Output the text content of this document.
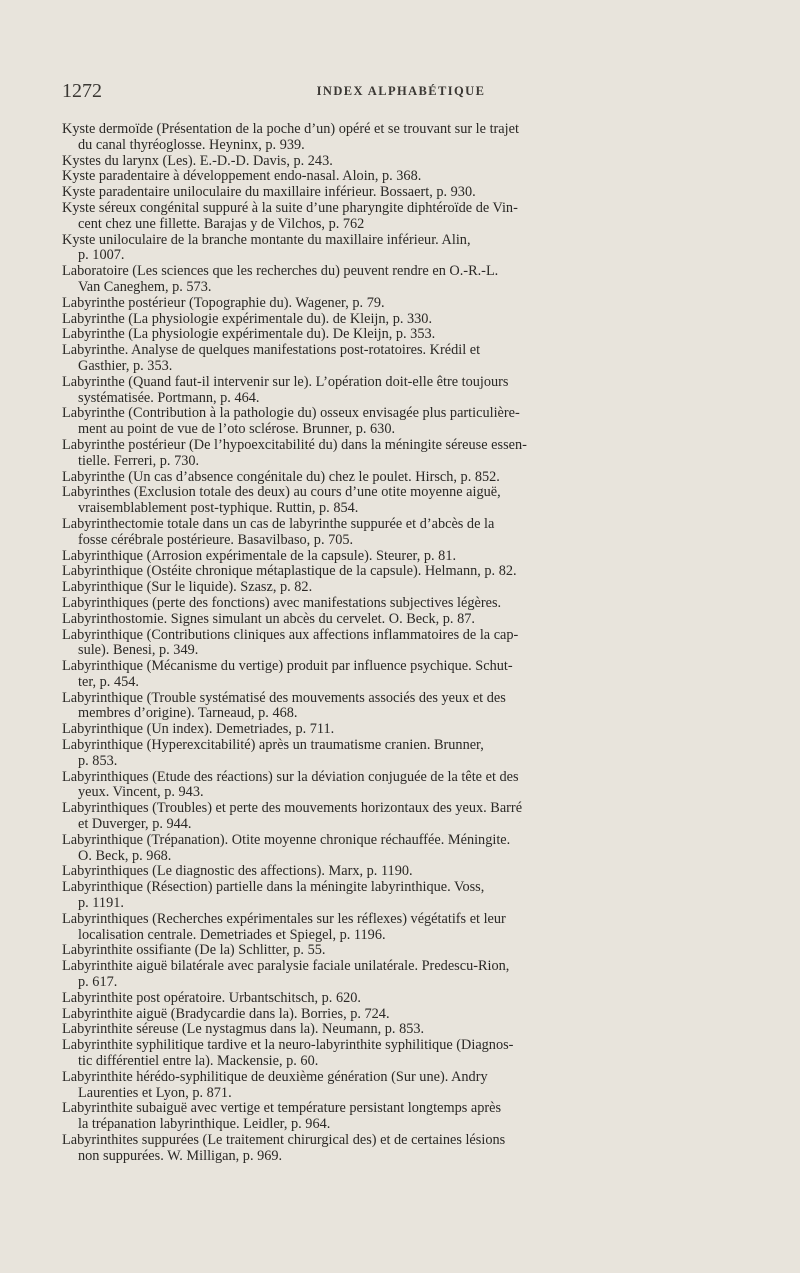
1272	INDEX ALPHABÉTIQUE
Kyste dermoïde (Présentation de la poche d’un) opéré et se trouvant sur le trajet
du canal thyréoglosse. Heyninx, p. 939.
Kystes du larynx (Les). E.-D.-D. Davis, p. 243.
Kyste paradentaire à développement endo-nasal. Aloin, p. 368.
Kyste paradentaire uniloculaire du maxillaire inférieur. Bossaert, p. 930.
Kyste séreux congénital suppuré à la suite d’une pharyngite diphtéroïde de Vin-
cent chez une fillette. Barajas y de Vilchos, p. 762
Kyste uniloculaire de la branche montante du maxillaire inférieur. Alin,
p. 1007.
Laboratoire (Les sciences que les recherches du) peuvent rendre en O.-R.-L.
Van Caneghem, p. 573.
Labyrinthe postérieur (Topographie du). Wagener, p. 79.
Labyrinthe (La physiologie expérimentale du). de Kleijn, p. 330.
Labyrinthe (La physiologie expérimentale du). De Kleijn, p. 353.
Labyrinthe. Analyse de quelques manifestations post-rotatoires. Krédil et
Gasthier, p. 353.
Labyrinthe (Quand faut-il intervenir sur le). L’opération doit-elle être toujours
systématisée. Portmann, p. 464.
Labyrinthe (Contribution à la pathologie du) osseux envisagée plus particulière-
ment au point de vue de l’oto sclérose. Brunner, p. 630.
Labyrinthe postérieur (De l’hypoexcitabilité du) dans la méningite séreuse essen-
tielle. Ferreri, p. 730.
Labyrinthe (Un cas d’absence congénitale du) chez le poulet. Hirsch, p. 852.
Labyrinthes (Exclusion totale des deux) au cours d’une otite moyenne aiguë,
vraisemblablement post-typhique. Ruttin, p. 854.
Labyrinthectomie totale dans un cas de labyrinthe suppurée et d’abcès de la
fosse cérébrale postérieure. Basavilbaso, p. 705.
Labyrinthique (Arrosion expérimentale de la capsule). Steurer, p. 81.
Labyrinthique (Ostéite chronique métaplastique de la capsule). Helmann, p. 82.
Labyrinthique (Sur le liquide). Szasz, p. 82.
Labyrinthiques (perte des fonctions) avec manifestations subjectives légères.
Labyrinthostomie. Signes simulant un abcès du cervelet. O. Beck, p. 87.
Labyrinthique (Contributions cliniques aux affections inflammatoires de la cap-
sule). Benesi, p. 349.
Labyrinthique (Mécanisme du vertige) produit par influence psychique. Schut-
ter, p. 454.
Labyrinthique (Trouble systématisé des mouvements associés des yeux et des
membres d’origine). Tarneaud, p. 468.
Labyrinthique (Un index). Demetriades, p. 711.
Labyrinthique (Hyperexcitabilité) après un traumatisme cranien. Brunner,
p. 853.
Labyrinthiques (Etude des réactions) sur la déviation conjuguée de la tête et des
yeux. Vincent, p. 943.
Labyrinthiques (Troubles) et perte des mouvements horizontaux des yeux. Barré
et Duverger, p. 944.
Labyrinthique (Trépanation). Otite moyenne chronique réchauffée. Méningite.
O. Beck, p. 968.
Labyrinthiques (Le diagnostic des affections). Marx, p. 1190.
Labyrinthique (Résection) partielle dans la méningite labyrinthique. Voss,
p. 1191.
Labyrinthiques (Recherches expérimentales sur les réflexes) végétatifs et leur
localisation centrale. Demetriades et Spiegel, p. 1196.
Labyrinthite ossifiante (De la) Schlitter, p. 55.
Labyrinthite aiguë bilatérale avec paralysie faciale unilatérale. Predescu-Rion,
p. 617.
Labyrinthite post opératoire. Urbantschitsch, p. 620.
Labyrinthite aiguë (Bradycardie dans la). Borries, p. 724.
Labyrinthite séreuse (Le nystagmus dans la). Neumann, p. 853.
Labyrinthite syphilitique tardive et la neuro-labyrinthite syphilitique (Diagnos-
tic différentiel entre la). Mackensie, p. 60.
Labyrinthite hérédo-syphilitique de deuxième génération (Sur une). Andry
Laurenties et Lyon, p. 871.
Labyrinthite subaiguë avec vertige et température persistant longtemps après
la trépanation labyrinthique. Leidler, p. 964.
Labyrinthites suppurées (Le traitement chirurgical des) et de certaines lésions
non suppurées. W. Milligan, p. 969.
